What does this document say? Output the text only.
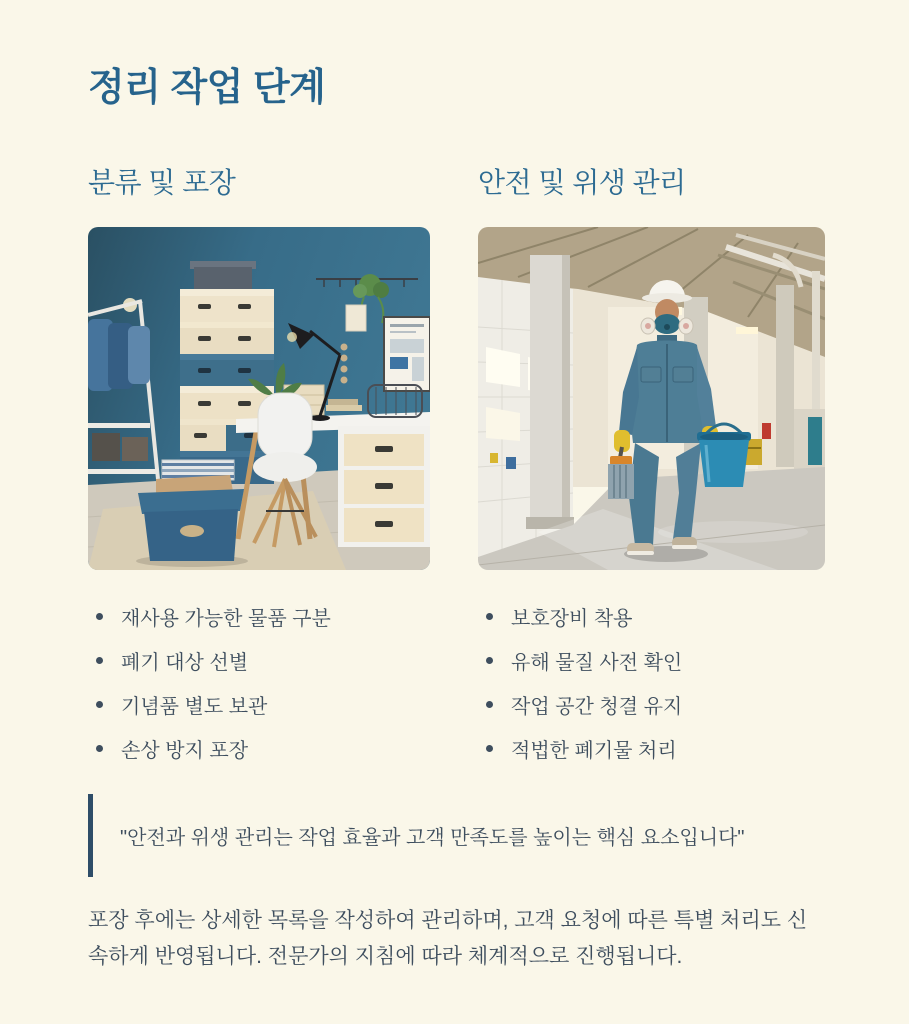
정리 작업 단계
분류 및 포장
재사용 가능한 물품 구분
폐기 대상 선별
기념품 별도 보관
손상 방지 포장
안전 및 위생 관리
보호장비 착용
유해 물질 사전 확인
작업 공간 청결 유지
적법한 폐기물 처리

"안전과 위생 관리는 작업 효율과 고객 만족도를 높이는 핵심 요소입니다"

포장 후에는 상세한 목록을 작성하여 관리하며, 고객 요청에 따른 특별 처리도 신속하게 반영됩니다. 전문가의 지침에 따라 체계적으로 진행됩니다.
